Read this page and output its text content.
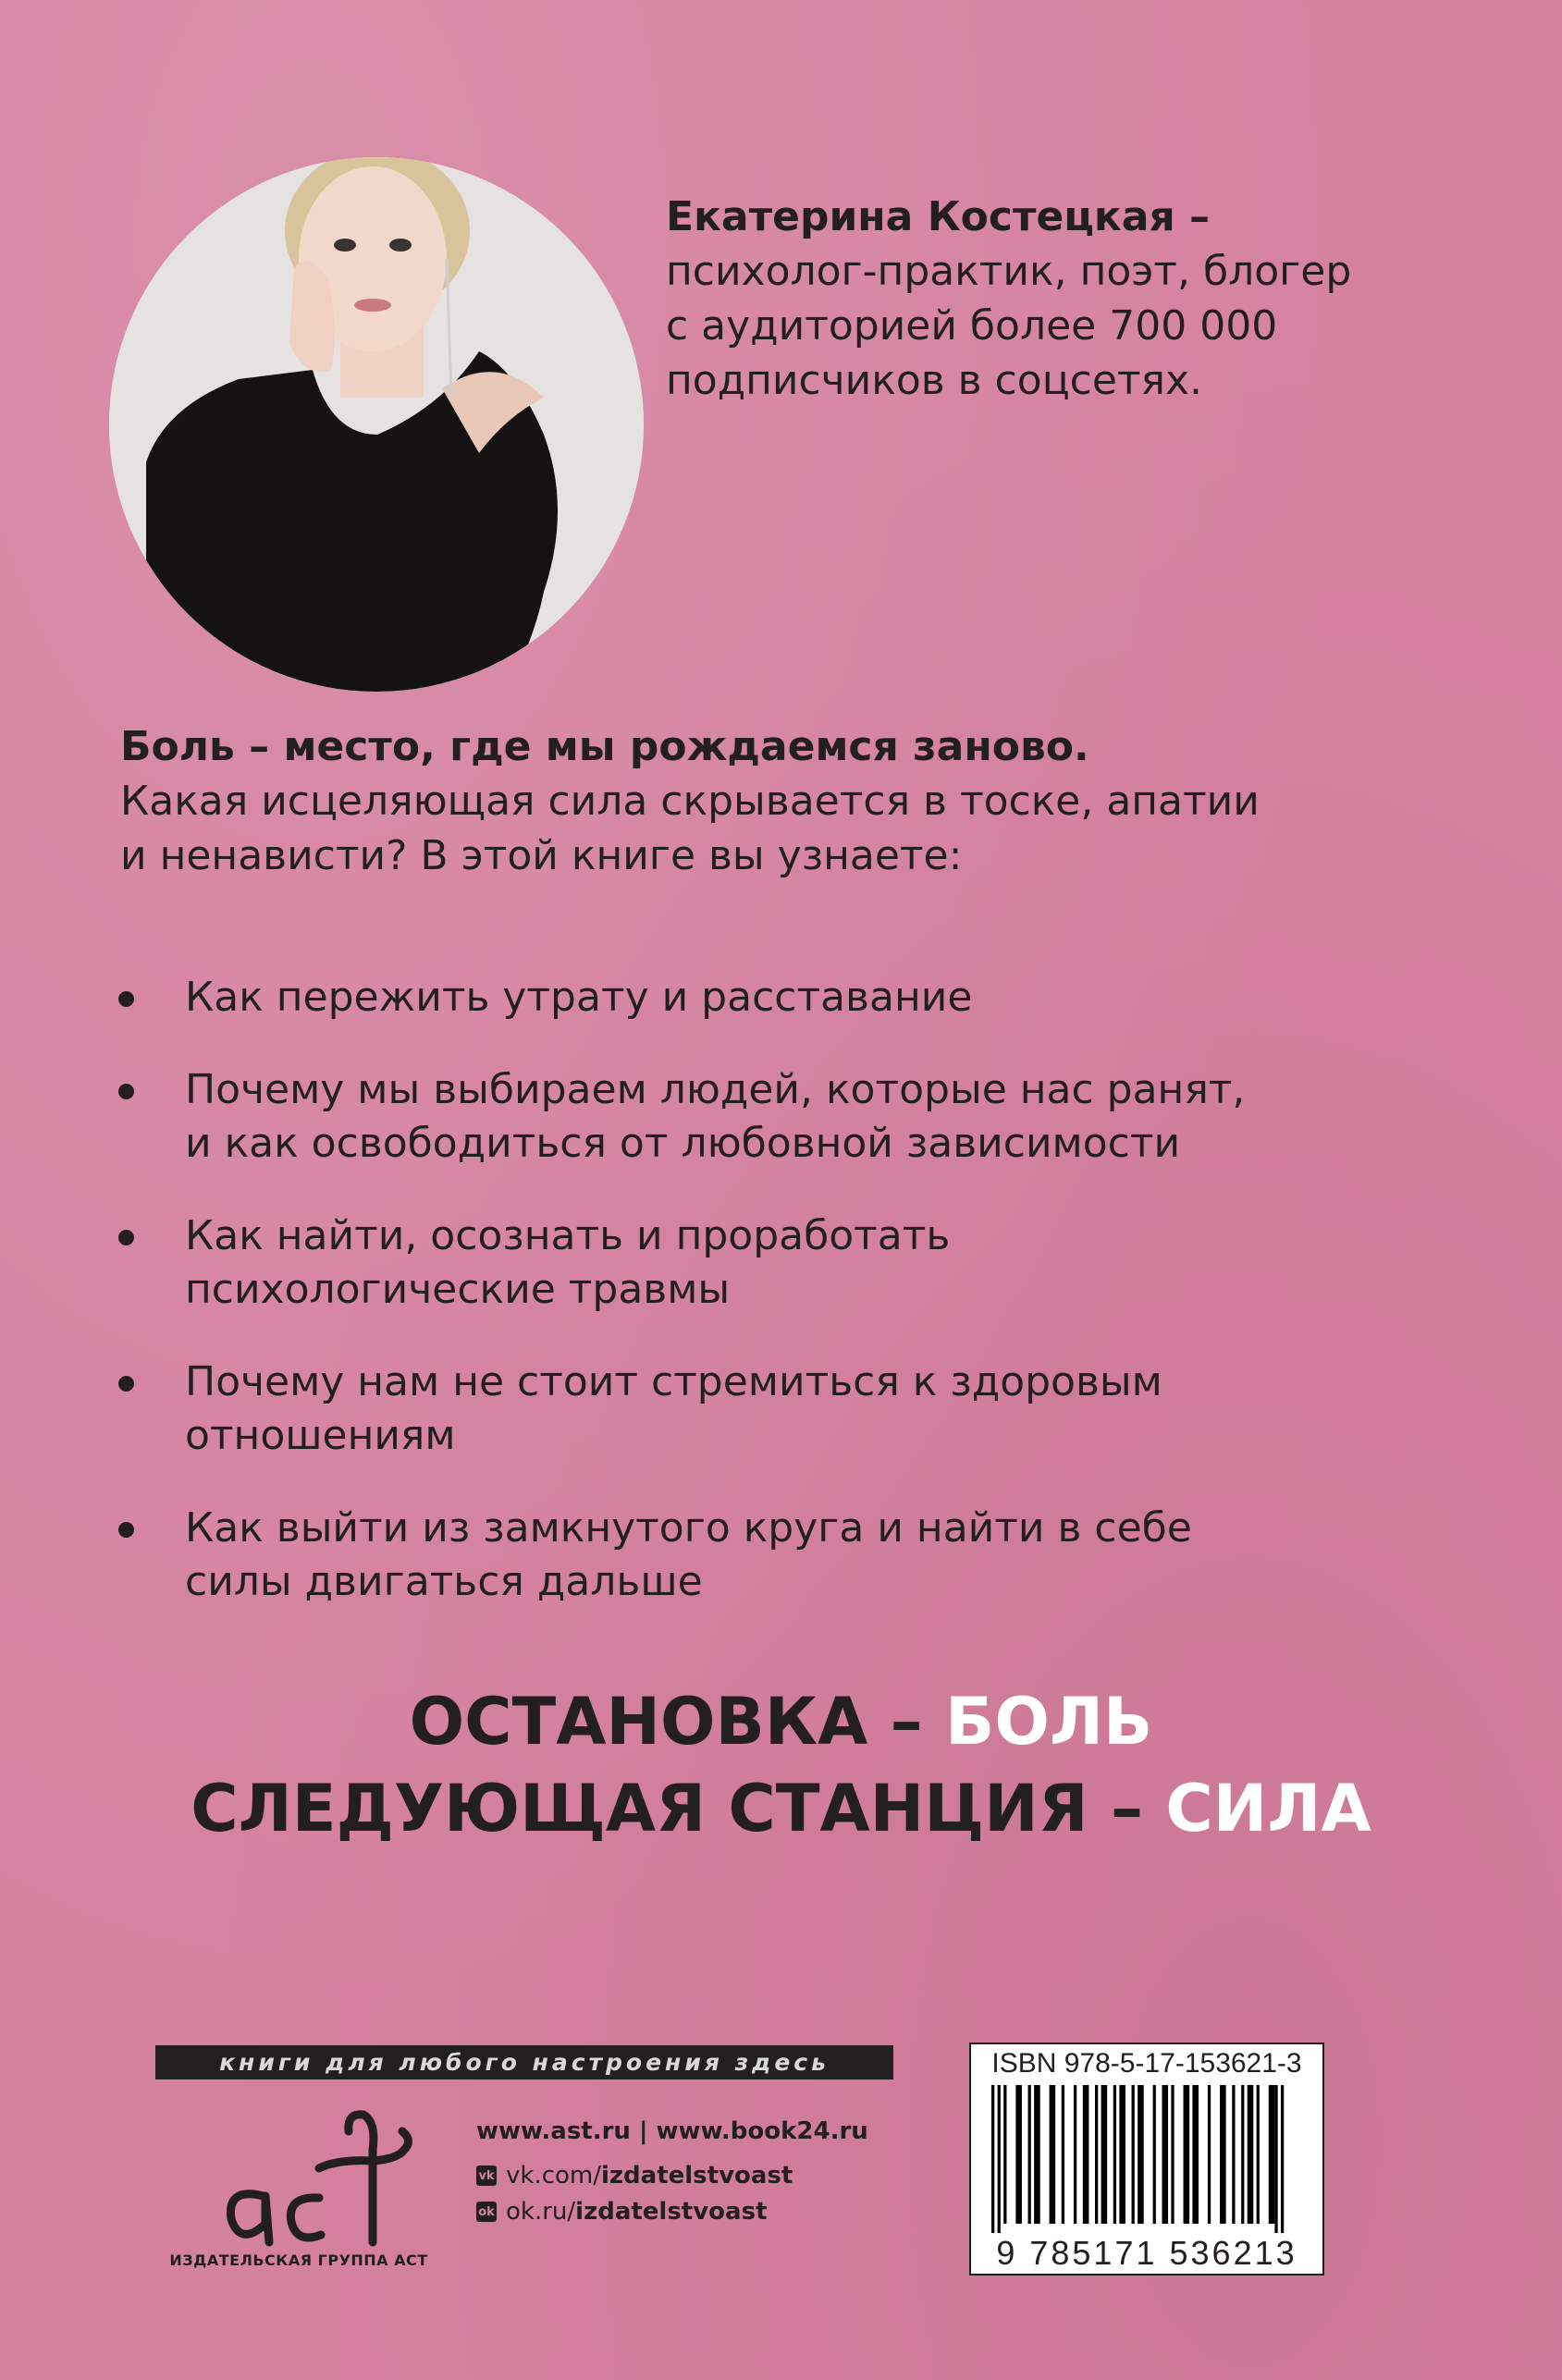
Екатерина Костецкая –
психолог-практик, поэт, блогер
с аудиторией более 700 000
подписчиков в соцсетях.
Боль – место, где мы рождаемся заново.
Какая исцеляющая сила скрывается в тоске, апатии
и ненависти? В этой книге вы узнаете:
Как пережить утрату и расставание
Почему мы выбираем людей, которые нас ранят,
и как освободиться от любовной зависимости
Как найти, осознать и проработать
психологические травмы
Почему нам не стоит стремиться к здоровым
отношениям
Как выйти из замкнутого круга и найти в себе
силы двигаться дальше
ОСТАНОВКА – БОЛЬ
СЛЕДУЮЩАЯ СТАНЦИЯ – СИЛА
книги для любого настроения здесь
ИЗДАТЕЛЬСКАЯ ГРУППА АСТ
www.ast.ru | www.book24.ru
vk vk.com/ izdatelstvoast
ok ok.ru/ izdatelstvoast
ISBN 978-5-17-153621-3
9 785171 536213
